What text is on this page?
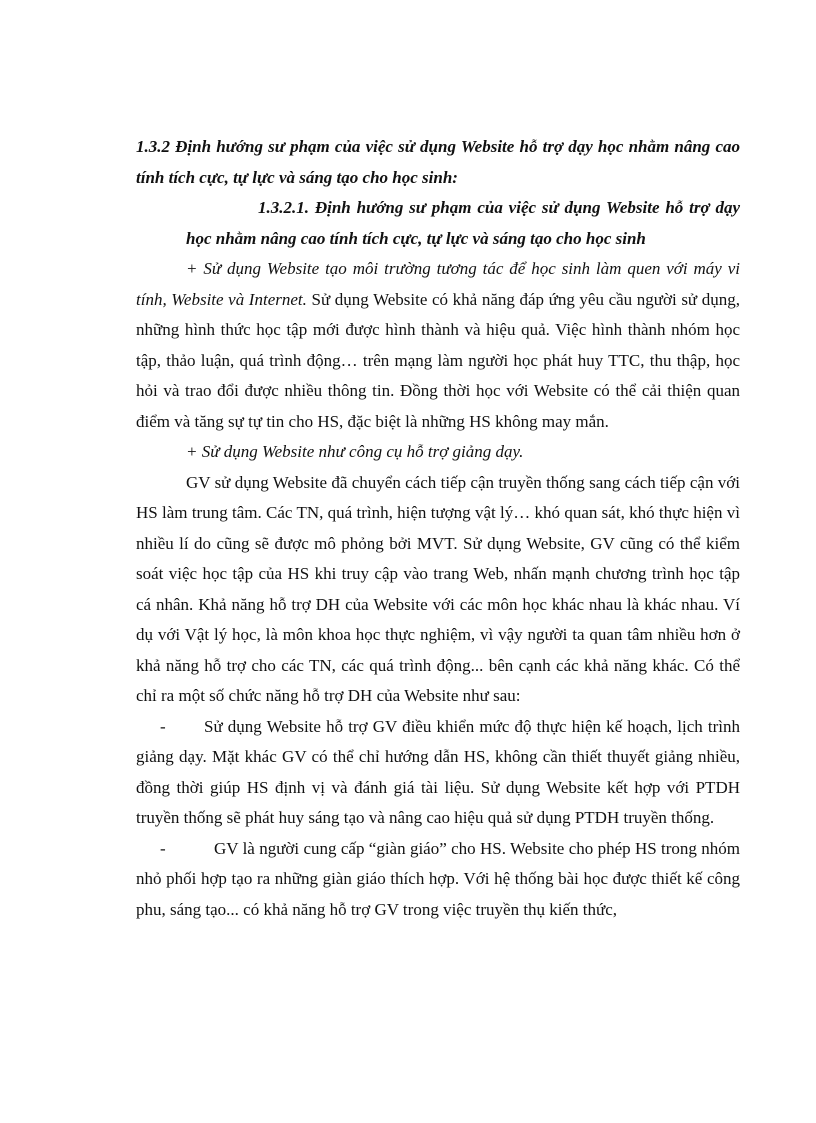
1.3.2 Định hướng sư phạm của việc sử dụng Website hỗ trợ dạy học nhằm nâng cao tính tích cực, tự lực và sáng tạo cho học sinh:

1.3.2.1. Định hướng sư phạm của việc sử dụng Website hỗ trợ dạy học nhằm nâng cao tính tích cực, tự lực và sáng tạo cho học sinh

+ Sử dụng Website tạo môi trường tương tác để học sinh làm quen với máy vi tính, Website và Internet. Sử dụng Website có khả năng đáp ứng yêu cầu người sử dụng, những hình thức học tập mới được hình thành và hiệu quả. Việc hình thành nhóm học tập, thảo luận, quá trình động… trên mạng làm người học phát huy TTC, thu thập, học hỏi và trao đổi được nhiều thông tin. Đồng thời học với Website có thể cải thiện quan điểm và tăng sự tự tin cho HS, đặc biệt là những HS không may mắn.

+ Sử dụng Website như công cụ hỗ trợ giảng dạy.

GV sử dụng Website đã chuyển cách tiếp cận truyền thống sang cách tiếp cận với HS làm trung tâm. Các TN, quá trình, hiện tượng vật lý… khó quan sát, khó thực hiện vì nhiều lí do cũng sẽ được mô phỏng bởi MVT. Sử dụng Website, GV cũng có thể kiểm soát việc học tập của HS khi truy cập vào trang Web, nhấn mạnh chương trình học tập cá nhân. Khả năng hỗ trợ DH của Website với các môn học khác nhau là khác nhau. Ví dụ với Vật lý học, là môn khoa học thực nghiệm, vì vậy người ta quan tâm nhiều hơn ở khả năng hỗ trợ cho các TN, các quá trình động... bên cạnh các khả năng khác. Có thể chỉ ra một số chức năng hỗ trợ DH của Website như sau:

- Sử dụng Website hỗ trợ GV điều khiển mức độ thực hiện kế hoạch, lịch trình giảng dạy. Mặt khác GV có thể chỉ hướng dẫn HS, không cần thiết thuyết giảng nhiều, đồng thời giúp HS định vị và đánh giá tài liệu. Sử dụng Website kết hợp với PTDH truyền thống sẽ phát huy sáng tạo và nâng cao hiệu quả sử dụng PTDH truyền thống.

-	GV là người cung cấp “giàn giáo” cho HS. Website cho phép HS trong nhóm nhỏ phối hợp tạo ra những giàn giáo thích hợp. Với hệ thống bài học được thiết kế công phu, sáng tạo... có khả năng hỗ trợ GV trong việc truyền thụ kiến thức,
